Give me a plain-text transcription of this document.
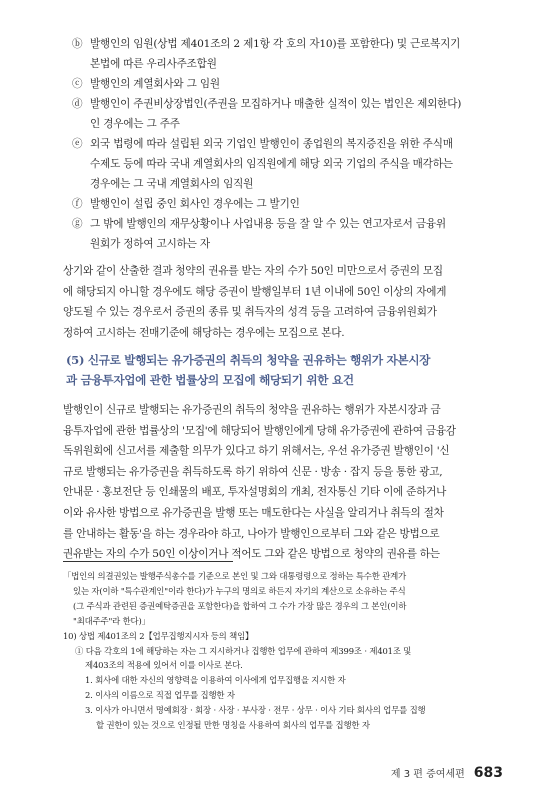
ⓑ 발행인의 임원(상법 제401조의 2 제1항 각 호의 자10)를 포함한다) 및 근로복지기

본법에 따른 우리사주조합원

ⓒ 발행인의 계열회사와 그 임원

ⓓ 발행인이 주권비상장법인(주권을 모집하거나 매출한 실적이 있는 법인은 제외한다)

인 경우에는 그 주주

ⓔ 외국 법령에 따라 설립된 외국 기업인 발행인이 종업원의 복지증진을 위한 주식매

수제도 등에 따라 국내 계열회사의 임직원에게 해당 외국 기업의 주식을 매각하는

경우에는 그 국내 계열회사의 임직원

ⓕ 발행인이 설립 중인 회사인 경우에는 그 발기인

ⓖ 그 밖에 발행인의 재무상황이나 사업내용 등을 잘 알 수 있는 연고자로서 금융위

원회가 정하여 고시하는 자

상기와 같이 산출한 결과 청약의 권유를 받는 자의 수가 50인 미만으로서 증권의 모집

에 해당되지 아니할 경우에도 해당 증권이 발행일부터 1년 이내에 50인 이상의 자에게

양도될 수 있는 경우로서 증권의 종류 및 취득자의 성격 등을 고려하여 금융위원회가

정하여 고시하는 전매기준에 해당하는 경우에는 모집으로 본다.

(5) 신규로 발행되는 유가증권의 취득의 청약을 권유하는 행위가 자본시장

과 금융투자업에 관한 법률상의 모집에 해당되기 위한 요건

발행인이 신규로 발행되는 유가증권의 취득의 청약을 권유하는 행위가 자본시장과 금

융투자업에 관한 법률상의 '모집'에 해당되어 발행인에게 당해 유가증권에 관하여 금융감

독위원회에 신고서를 제출할 의무가 있다고 하기 위해서는, 우선 유가증권 발행인이 '신

규로 발행되는 유가증권을 취득하도록 하기 위하여 신문 · 방송 · 잡지 등을 통한 광고,

안내문 · 홍보전단 등 인쇄물의 배포, 투자설명회의 개최, 전자통신 기타 이에 준하거나

이와 유사한 방법으로 유가증권을 발행 또는 매도한다는 사실을 알리거나 취득의 절차

를 안내하는 활동'을 하는 경우라야 하고, 나아가 발행인으로부터 그와 같은 방법으로

권유받는 자의 수가 50인 이상이거나 적어도 그와 같은 방법으로 청약의 권유를 하는

「법인의 의결권있는 발행주식총수를 기준으로 본인 및 그와 대통령령으로 정하는 특수한 관계가

있는 자(이하 "특수관계인"이라 한다)가 누구의 명의로 하든지 자기의 계산으로 소유하는 주식

(그 주식과 관련된 증권예탁증권을 포함한다)을 합하여 그 수가 가장 많은 경우의 그 본인(이하

"최대주주"라 한다)」

10) 상법 제401조의 2【업무집행지시자 등의 책임】

① 다음 각호의 1에 해당하는 자는 그 지시하거나 집행한 업무에 관하여 제399조 · 제401조 및

제403조의 적용에 있어서 이를 이사로 본다.

1. 회사에 대한 자신의 영향력을 이용하여 이사에게 업무집행을 지시한 자

2. 이사의 이름으로 직접 업무를 집행한 자

3. 이사가 아니면서 명예회장 · 회장 · 사장 · 부사장 · 전무 · 상무 · 이사 기타 회사의 업무를 집행

할 권한이 있는 것으로 인정될 만한 명칭을 사용하여 회사의 업무를 집행한 자

제 3 편 증여세편 683
